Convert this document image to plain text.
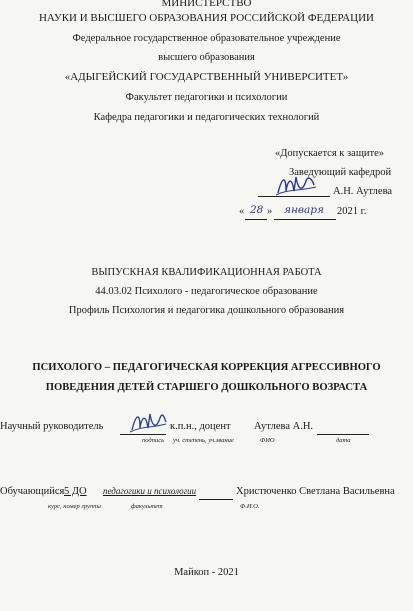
МИНИСТЕРСТВО
НАУКИ И ВЫСШЕГО ОБРАЗОВАНИЯ РОССИЙСКОЙ ФЕДЕРАЦИИ
Федеральное государственное образовательное учреждение
высшего образования
«АДЫГЕЙСКИЙ ГОСУДАРСТВЕННЫЙ УНИВЕРСИТЕТ»
Факультет педагогики и психологии
Кафедра педагогики и педагогических технологий
«Допускается к защите»
Заведующий кафедрой
А.Н. Аутлева
« 28 » января 2021 г.
ВЫПУСКНАЯ КВАЛИФИКАЦИОННАЯ РАБОТА
44.03.02 Психолого - педагогическое образование
Профиль Психология и педагогика дошкольного образования
ПСИХОЛОГО – ПЕДАГОГИЧЕСКАЯ КОРРЕКЦИЯ АГРЕССИВНОГО
ПОВЕДЕНИЯ ДЕТЕЙ СТАРШЕГО ДОШКОЛЬНОГО ВОЗРАСТА
Научный руководитель	к.п.н., доцент Аутлева А.Н.
подпись уч. степень, уч.звание	ФИО	дата
Обучающийся 5 ДО педагогики и психологии	Христюченко Светлана Васильевна
курс, номер группы	факультет	Ф.И.О.
Майкоп - 2021
